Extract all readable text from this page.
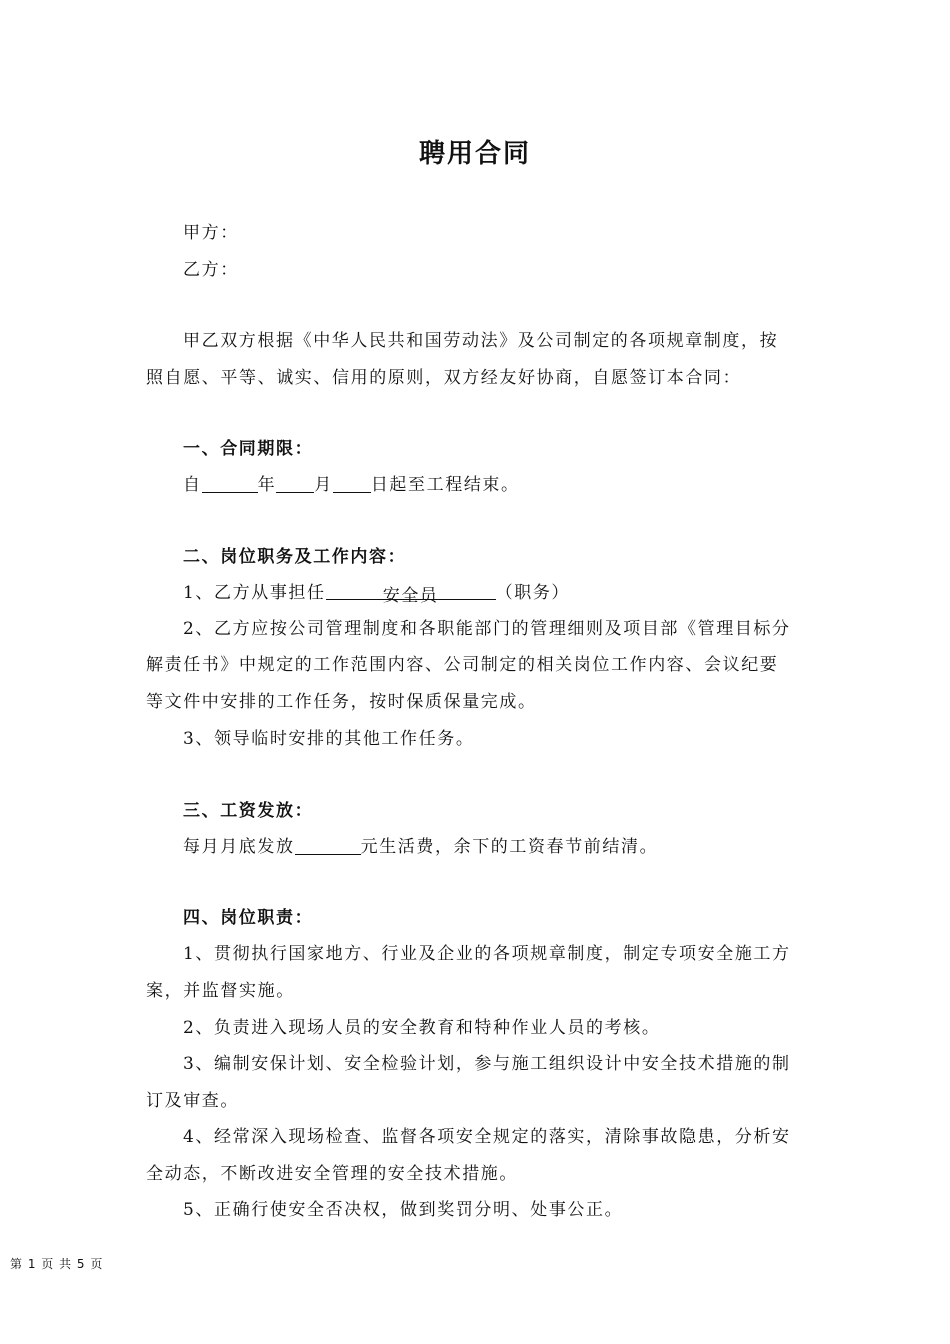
聘用合同
甲方：
乙方：
甲乙双方根据《中华人民共和国劳动法》及公司制定的各项规章制度，按
照自愿、平等、诚实、信用的原则，双方经友好协商，自愿签订本合同：
一、合同期限：
自	年 月 日起至工程结束。
二、岗位职务及工作内容：
1、乙方从事担任	安全员	（职务）
2、乙方应按公司管理制度和各职能部门的管理细则及项目部《管理目标分
解责任书》中规定的工作范围内容、公司制定的相关岗位工作内容、会议纪要
等文件中安排的工作任务，按时保质保量完成。
3、领导临时安排的其他工作任务。
三、工资发放：
每月月底发放	元生活费，余下的工资春节前结清。
四、岗位职责：
1、贯彻执行国家地方、行业及企业的各项规章制度，制定专项安全施工方
案，并监督实施。
2、负责进入现场人员的安全教育和特种作业人员的考核。
3、编制安保计划、安全检验计划，参与施工组织设计中安全技术措施的制
订及审查。
4、经常深入现场检查、监督各项安全规定的落实，清除事故隐患，分析安
全动态，不断改进安全管理的安全技术措施。
5、正确行使安全否决权，做到奖罚分明、处事公正。
第 1 页 共 5 页
